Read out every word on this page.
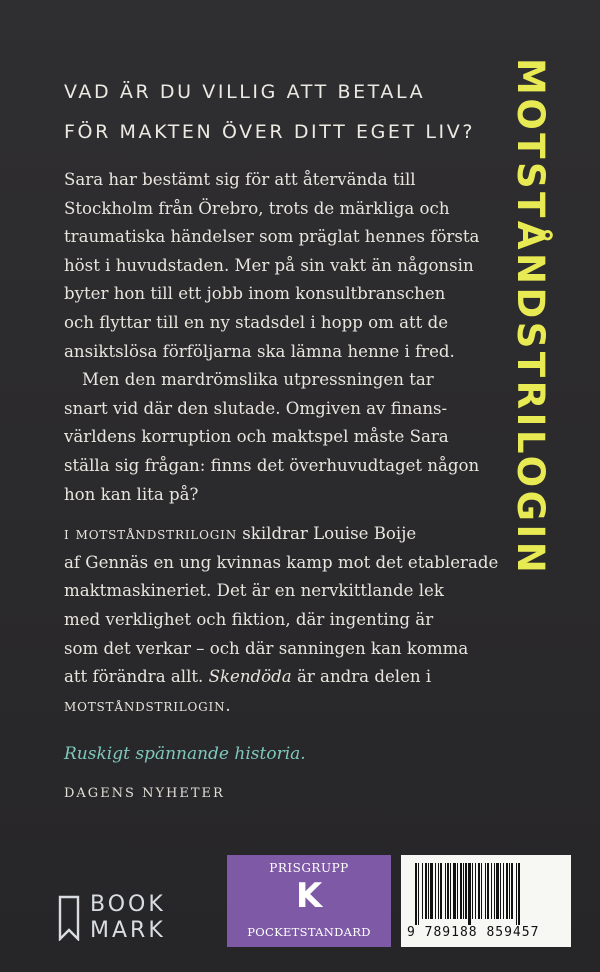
VAD ÄR DU VILLIG ATT BETALA
FÖR MAKTEN ÖVER DITT EGET LIV? MOTSTÅNDSTRILOGIN

Sara har bestämt sig för att återvända till
Stockholm från Örebro, trots de märkliga och
traumatiska händelser som präglat hennes första
höst i huvudstaden. Mer på sin vakt än någonsin
byter hon till ett jobb inom konsultbranschen
och flyttar till en ny stadsdel i hopp om att de
ansiktslösa förföljarna ska lämna henne i fred.

Men den mardrömslika utpressningen tar
snart vid där den slutade. Omgiven av finans-
världens korruption och maktspel måste Sara
ställa sig frågan: finns det överhuvudtaget någon
hon kan lita på?

i motståndstrilogin skildrar Louise Boije
af Gennäs en ung kvinnas kamp mot det etablerade
maktmaskineriet. Det är en nervkittlande lek
med verklighet och fiktion, där ingenting är
som det verkar – och där sanningen kan komma
att förändra allt. Skendöda är andra delen i
motståndstrilogin.

Ruskigt spännande historia.
DAGENS NYHETER
BOOK
MARK
PRISGRUPP
K
POCKETSTANDARD	9 789188 859457
